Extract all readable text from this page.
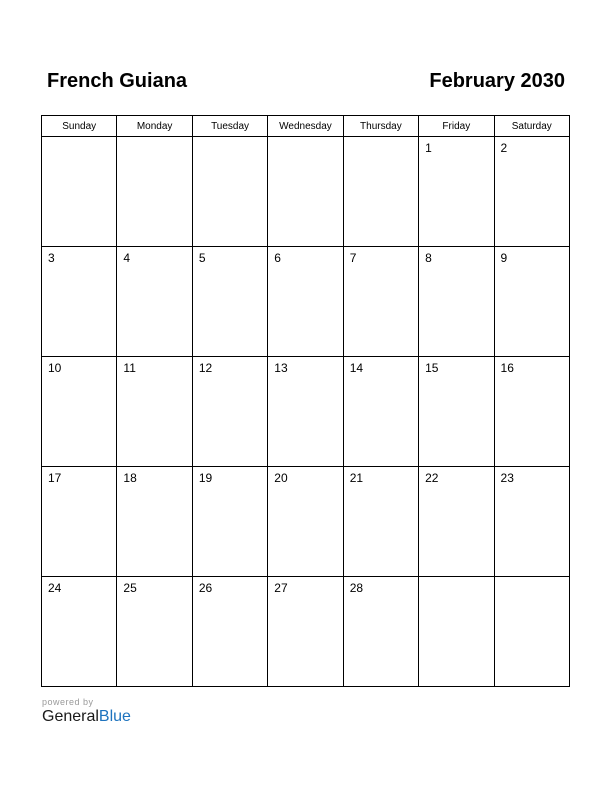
French Guiana	February 2030
Sunday	Monday	Tuesday	Wednesday	Thursday	Friday	Saturday

					1	2

3	4	5	6	7	8	9

10	11	12	13	14	15	16

17	18	19	20	21	22	23

24	25	26	27	28		

powered by
GeneralBlue
